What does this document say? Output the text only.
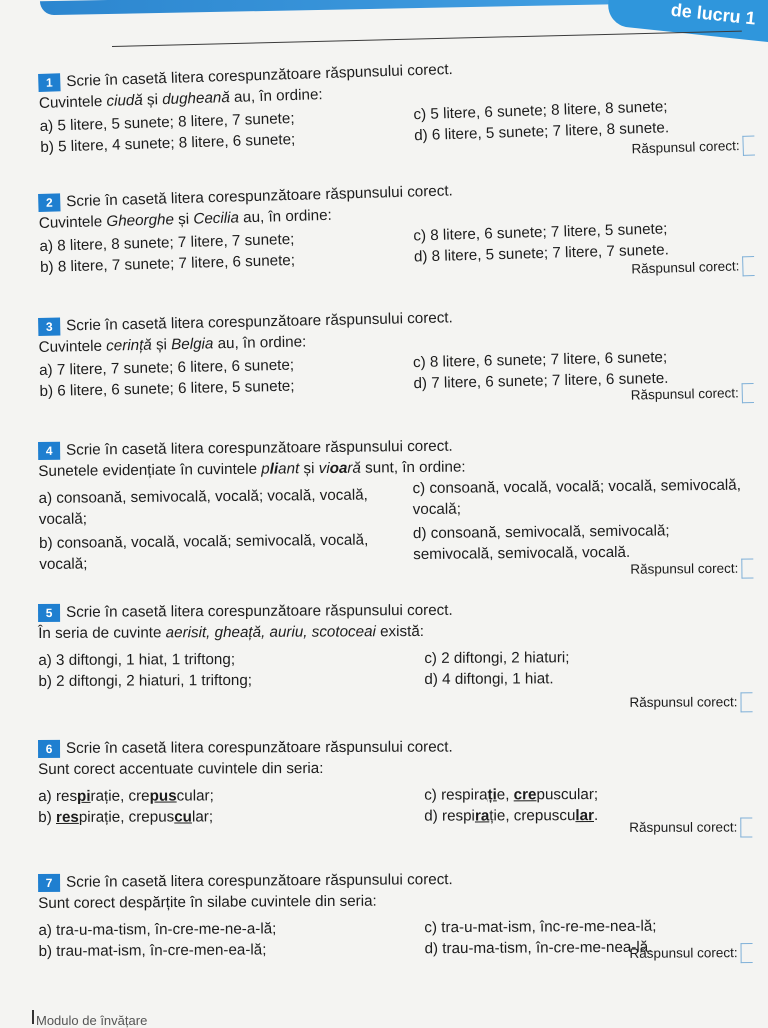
de lucru 1
1 Scrie în casetă litera corespunzătoare răspunsului corect.
Cuvintele ciudă și dugheană au, în ordine:
a) 5 litere, 5 sunete; 8 litere, 7 sunete;	c) 5 litere, 6 sunete; 8 litere, 8 sunete;
b) 5 litere, 4 sunete; 8 litere, 6 sunete;	d) 6 litere, 5 sunete; 7 litere, 8 sunete.
Răspunsul corect:
2 Scrie în casetă litera corespunzătoare răspunsului corect.
Cuvintele Gheorghe și Cecilia au, în ordine:
a) 8 litere, 8 sunete; 7 litere, 7 sunete;	c) 8 litere, 6 sunete; 7 litere, 5 sunete;
b) 8 litere, 7 sunete; 7 litere, 6 sunete;	d) 8 litere, 5 sunete; 7 litere, 7 sunete.
Răspunsul corect:
3 Scrie în casetă litera corespunzătoare răspunsului corect.
Cuvintele cerință și Belgia au, în ordine:
a) 7 litere, 7 sunete; 6 litere, 6 sunete;	c) 8 litere, 6 sunete; 7 litere, 6 sunete;
b) 6 litere, 6 sunete; 6 litere, 5 sunete;	d) 7 litere, 6 sunete; 7 litere, 6 sunete.
Răspunsul corect:
4 Scrie în casetă litera corespunzătoare răspunsului corect.
Sunetele evidențiate în cuvintele pliant și vioară sunt, în ordine:
a) consoană, semivocală, vocală; vocală, vocală, vocală;
c) consoană, vocală, vocală; vocală, semivocală, vocală;
b) consoană, vocală, vocală; semivocală, vocală, vocală;
d) consoană, semivocală, semivocală; semivocală, semivocală, vocală.
Răspunsul corect:
5 Scrie în casetă litera corespunzătoare răspunsului corect.
În seria de cuvinte aerisit, gheață, auriu, scotoceai există:
a) 3 diftongi, 1 hiat, 1 triftong;	c) 2 diftongi, 2 hiaturi;
b) 2 diftongi, 2 hiaturi, 1 triftong;	d) 4 diftongi, 1 hiat.
Răspunsul corect:
6 Scrie în casetă litera corespunzătoare răspunsului corect.
Sunt corect accentuate cuvintele din seria:
a) respirație, crepuscular;	c) respirație, crepuscular;
b) respirație, crepuscular;	d) respirație, crepuscular.
Răspunsul corect:
7 Scrie în casetă litera corespunzătoare răspunsului corect.
Sunt corect despărțite în silabe cuvintele din seria:
a) tra-u-ma-tism, în-cre-me-ne-a-lă;	c) tra-u-mat-ism, înc-re-me-nea-lă;
b) trau-mat-ism, în-cre-men-ea-lă;	d) trau-ma-tism, în-cre-me-nea-lă.
Răspunsul corect:
Modulo de învățare
